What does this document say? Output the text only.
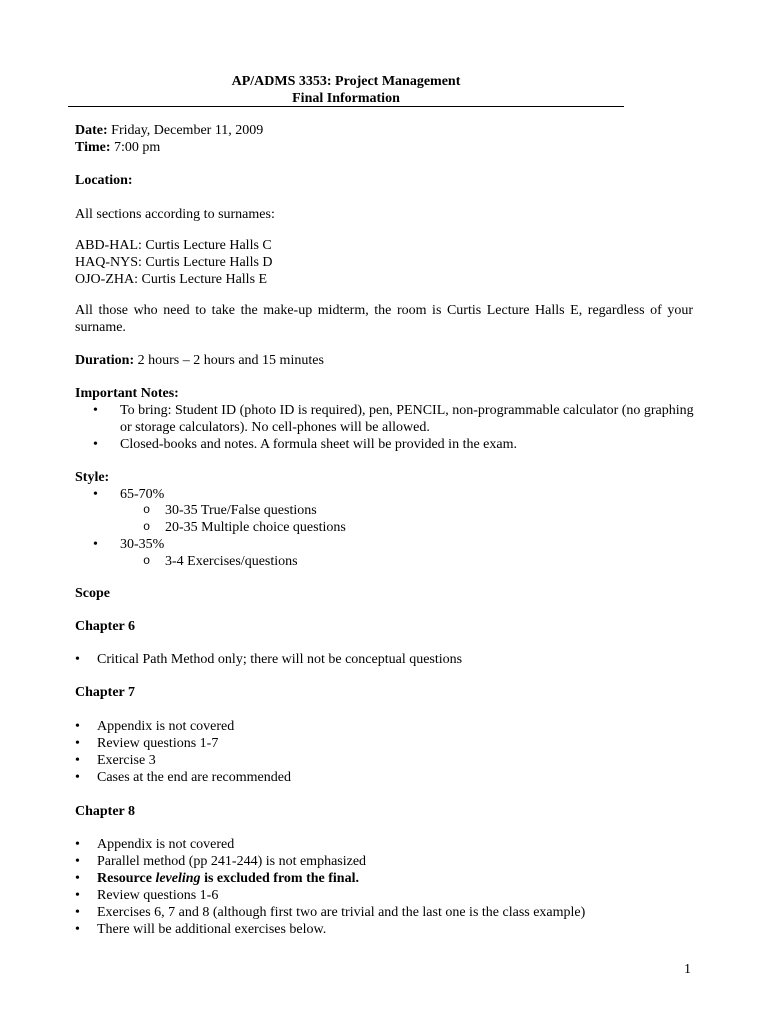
AP/ADMS 3353: Project Management
Final Information
Date: Friday, December 11, 2009
Time: 7:00 pm
Location:
All sections according to surnames:
ABD-HAL: Curtis Lecture Halls C
HAQ-NYS: Curtis Lecture Halls D
OJO-ZHA: Curtis Lecture Halls E
All those who need to take the make-up midterm, the room is Curtis Lecture Halls E, regardless of your surname.
Duration: 2 hours – 2 hours and 15 minutes
Important Notes:
• To bring: Student ID (photo ID is required), pen, PENCIL, non-programmable calculator (no graphing
or storage calculators). No cell-phones will be allowed.
• Closed-books and notes. A formula sheet will be provided in the exam.
Style:
• 65-70%
o 30-35 True/False questions
o 20-35 Multiple choice questions
• 30-35%
o 3-4 Exercises/questions
Scope
Chapter 6
• Critical Path Method only; there will not be conceptual questions
Chapter 7
• Appendix is not covered
• Review questions 1-7
• Exercise 3
• Cases at the end are recommended
Chapter 8
• Appendix is not covered
• Parallel method (pp 241-244) is not emphasized
• Resource leveling is excluded from the final.
• Review questions 1-6
• Exercises 6, 7 and 8 (although first two are trivial and the last one is the class example)
• There will be additional exercises below.
1
